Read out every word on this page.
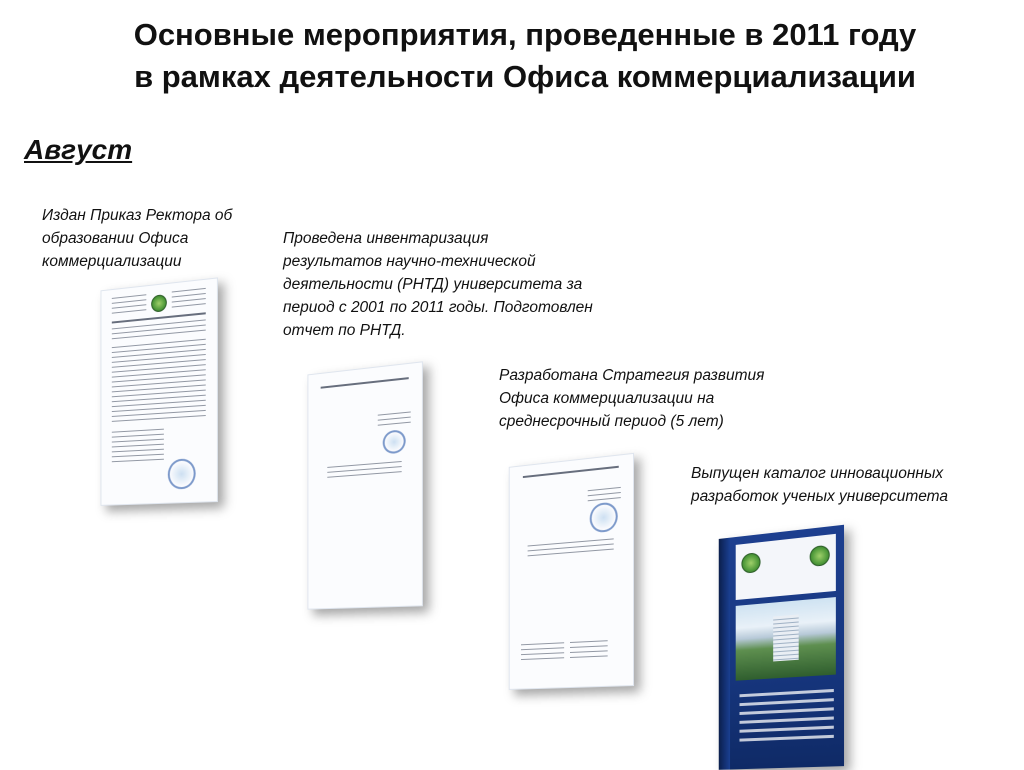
Основные мероприятия, проведенные в 2011 году
в рамках деятельности Офиса коммерциализации
Август
Издан Приказ Ректора об
образовании Офиса
коммерциализации
Проведена инвентаризация
результатов научно-технической
деятельности (РНТД) университета за
период с 2001 по 2011 годы. Подготовлен
отчет по РНТД.
Разработана Стратегия развития
Офиса коммерциализации на
среднесрочный период (5 лет)
Выпущен каталог инновационных
разработок ученых университета
